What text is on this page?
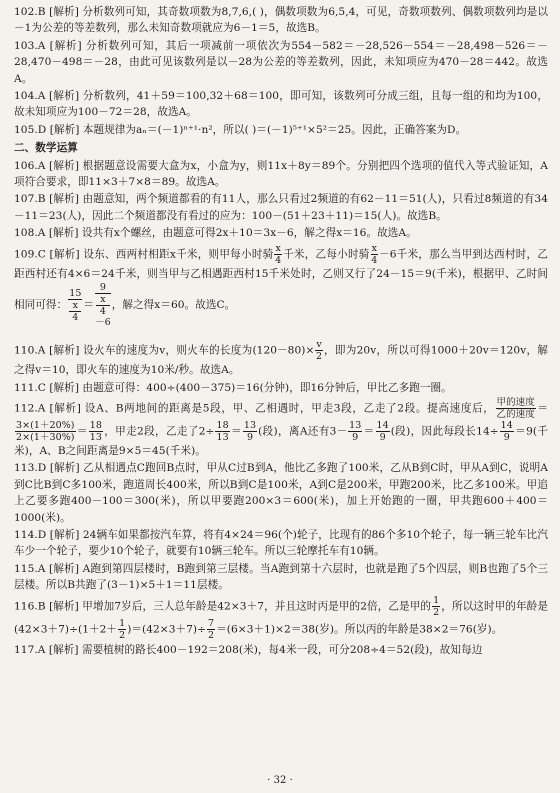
102.B [解析] 分析数列可知，其奇数项数为8,7,6,( )，偶数项数为6,5,4，可见，奇数项数列、偶数项数列均是以－1为公差的等差数列，那么未知奇数项就应为6－1＝5，故选B。

103.A [解析] 分析数列可知，其后一项减前一项依次为554－582＝－28,526－554＝－28,498－526＝－28,470－498＝－28，由此可见该数列是以－28为公差的等差数列，因此，未知项应为470－28＝442。故选A。

104.A [解析] 分析数列，41＋59＝100,32＋68＝100，即可知，该数列可分成三组，且每一组的和均为100，故未知项应为100－72＝28，故选A。

105.D [解析] 本题规律为aₙ＝(－1)ⁿ⁺¹·n²，所以( )＝(－1)⁵⁺¹×5²＝25。因此，正确答案为D。

二、数学运算

106.A [解析] 根据题意设需要大盒为x，小盒为y，则11x＋8y＝89个。分别把四个选项的值代入等式验证知，A项符合要求，即11×3＋7×8＝89。故选A。

107.B [解析] 由题意知，两个频道都看的有11人，那么只看过2频道的有62－11＝51(人)，只看过8频道的有34－11＝23(人)，因此二个频道都没有看过的应为：100－(51＋23＋11)＝15(人)。故选B。

108.A [解析] 设共有x个螺丝，由题意可得2x＋10＝3x－6，解之得x＝16。故选A。

109.C [解析] 设东、西两村相距x千米，则甲每小时骑 $\frac{x}{4}$ 千米，乙每小时骑 $\frac{x}{4} -6$千米，那么当甲到达西村时，乙距西村还有4×6＝24千米，则当甲与乙相遇距西村15千米处时，乙则又行了24－15＝9(千米)，根据甲、乙时间相同可得： 15
x
4 ＝ 9
x
4
－6 ，解之得x＝60。故选C。

110.A [解析] 设火车的速度为v，则火车的长度为$(120-80)\times \frac{v}{2}$ ，即为20v，所以可得1000＋20v＝120v，解之得v＝10，即火车的速度为10米/秒。故选A。

111.C [解析] 由题意可得：400÷(400－375)＝16(分钟)，即16分钟后，甲比乙多跑一圈。

112.A [解析] 设A、B两地间的距离是5段，甲、乙相遇时，甲走3段，乙走了2段。提高速度后， $\frac{\text{甲的速度}}{\text{乙的速度}}$ ＝
$\frac{3\times(1+20\%)}{2\times(1+30\%)} = \frac{18}{13}$ ，甲走2段，乙走了$2\div \frac{18}{13} = \frac{13}{9}$ (段)，离A还有$3- \frac{13}{9} = \frac{14}{9}$ (段)，因此每段长$14\div \frac{14}{9} =9$(千米)，A、B之间距离是9×5＝45(千米)。

113.D [解析] 乙从相遇点C跑回B点时，甲从C过B到A，他比乙多跑了100米，乙从B到C时，甲从A到C，说明A到C比B到C多100米，跑道周长400米，所以B到C是100米，A到C是200米，甲跑200米，比乙多100米。甲追上乙要多跑400－100＝300(米)，所以甲要跑200×3＝600(米)，加上开始跑的一圈，甲共跑600＋400＝1000(米)。

114.D [解析] 24辆车如果都按汽车算，将有4×24＝96(个)轮子，比现有的86个多10个轮子，每一辆三轮车比汽车少一个轮子，要少10个轮子，就要有10辆三轮车。所以三轮摩托车有10辆。

115.A [解析] A跑到第四层楼时，B跑到第三层楼。当A跑到第十六层时，也就是跑了5个四层，则B也跑了5个三层楼。所以B共跑了(3－1)×5＋1＝11层楼。

116.B [解析] 甲增加7岁后，三人总年龄是42×3＋7，并且这时丙是甲的2倍，乙是甲的 $\frac{1}{2}$ ，所以这时甲的年龄是$(42\times 3+7)\div(1+2+ \frac{1}{2} )=(42\times 3+7)\div \frac{7}{2} =(6\times 3+1)\times 2=38$(岁)。所以丙的年龄是38×2＝76(岁)。

117.A [解析] 需要植树的路长400－192＝208(米)，每4米一段，可分208÷4＝52(段)，故知每边

· 32 ·
